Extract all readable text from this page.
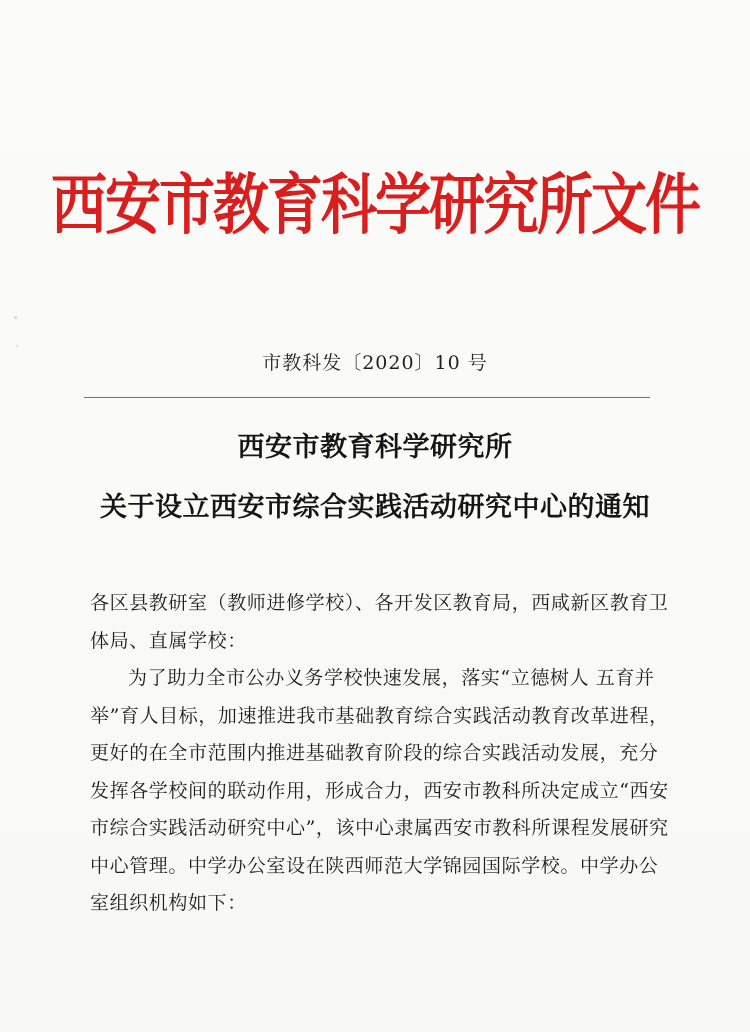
西安市教育科学研究所文件
市教科发〔2020〕10 号
西安市教育科学研究所
关于设立西安市综合实践活动研究中心的通知

各区县教研室（教师进修学校）、各开发区教育局，西咸新区教育卫体局、直属学校：

为了助力全市公办义务学校快速发展，落实“立德树人 五育并举”育人目标，加速推进我市基础教育综合实践活动教育改革进程，更好的在全市范围内推进基础教育阶段的综合实践活动发展，充分发挥各学校间的联动作用，形成合力，西安市教科所决定成立“西安市综合实践活动研究中心”，该中心隶属西安市教科所课程发展研究中心管理。中学办公室设在陕西师范大学锦园国际学校。中学办公室组织机构如下：
